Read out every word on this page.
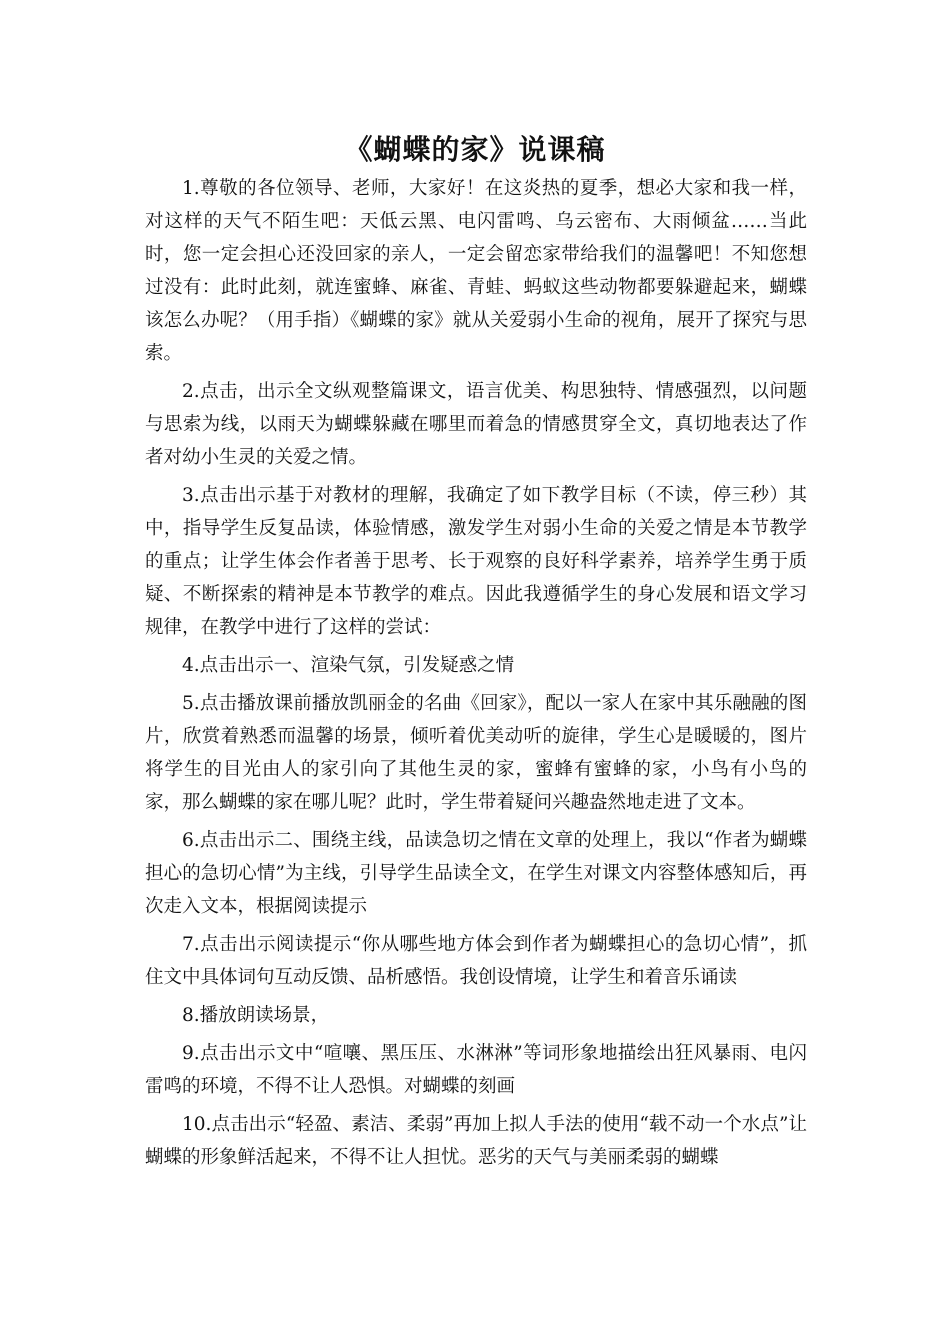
《蝴蝶的家》说课稿

1.尊敬的各位领导、老师，大家好！在这炎热的夏季，想必大家和我一样，对这样的天气不陌生吧：天低云黑、电闪雷鸣、乌云密布、大雨倾盆……当此时，您一定会担心还没回家的亲人，一定会留恋家带给我们的温馨吧！不知您想过没有：此时此刻，就连蜜蜂、麻雀、青蛙、蚂蚁这些动物都要躲避起来，蝴蝶该怎么办呢？（用手指）《蝴蝶的家》就从关爱弱小生命的视角，展开了探究与思索。

2.点击，出示全文纵观整篇课文，语言优美、构思独特、情感强烈，以问题与思索为线，以雨天为蝴蝶躲藏在哪里而着急的情感贯穿全文，真切地表达了作者对幼小生灵的关爱之情。

3.点击出示基于对教材的理解，我确定了如下教学目标（不读，停三秒）其中，指导学生反复品读，体验情感，激发学生对弱小生命的关爱之情是本节教学的重点；让学生体会作者善于思考、长于观察的良好科学素养，培养学生勇于质疑、不断探索的精神是本节教学的难点。因此我遵循学生的身心发展和语文学习规律，在教学中进行了这样的尝试：

4.点击出示一、渲染气氛，引发疑惑之情

5.点击播放课前播放凯丽金的名曲《回家》，配以一家人在家中其乐融融的图片，欣赏着熟悉而温馨的场景，倾听着优美动听的旋律，学生心是暖暖的，图片将学生的目光由人的家引向了其他生灵的家，蜜蜂有蜜蜂的家，小鸟有小鸟的家，那么蝴蝶的家在哪儿呢？此时，学生带着疑问兴趣盎然地走进了文本。

6.点击出示二、围绕主线，品读急切之情在文章的处理上，我以“作者为蝴蝶担心的急切心情”为主线，引导学生品读全文，在学生对课文内容整体感知后，再次走入文本，根据阅读提示

7.点击出示阅读提示“你从哪些地方体会到作者为蝴蝶担心的急切心情”，抓住文中具体词句互动反馈、品析感悟。我创设情境，让学生和着音乐诵读

8.播放朗读场景，

9.点击出示文中“喧嚷、黑压压、水淋淋”等词形象地描绘出狂风暴雨、电闪雷鸣的环境，不得不让人恐惧。对蝴蝶的刻画

10.点击出示“轻盈、素洁、柔弱”再加上拟人手法的使用“载不动一个水点”让蝴蝶的形象鲜活起来，不得不让人担忧。恶劣的天气与美丽柔弱的蝴蝶
